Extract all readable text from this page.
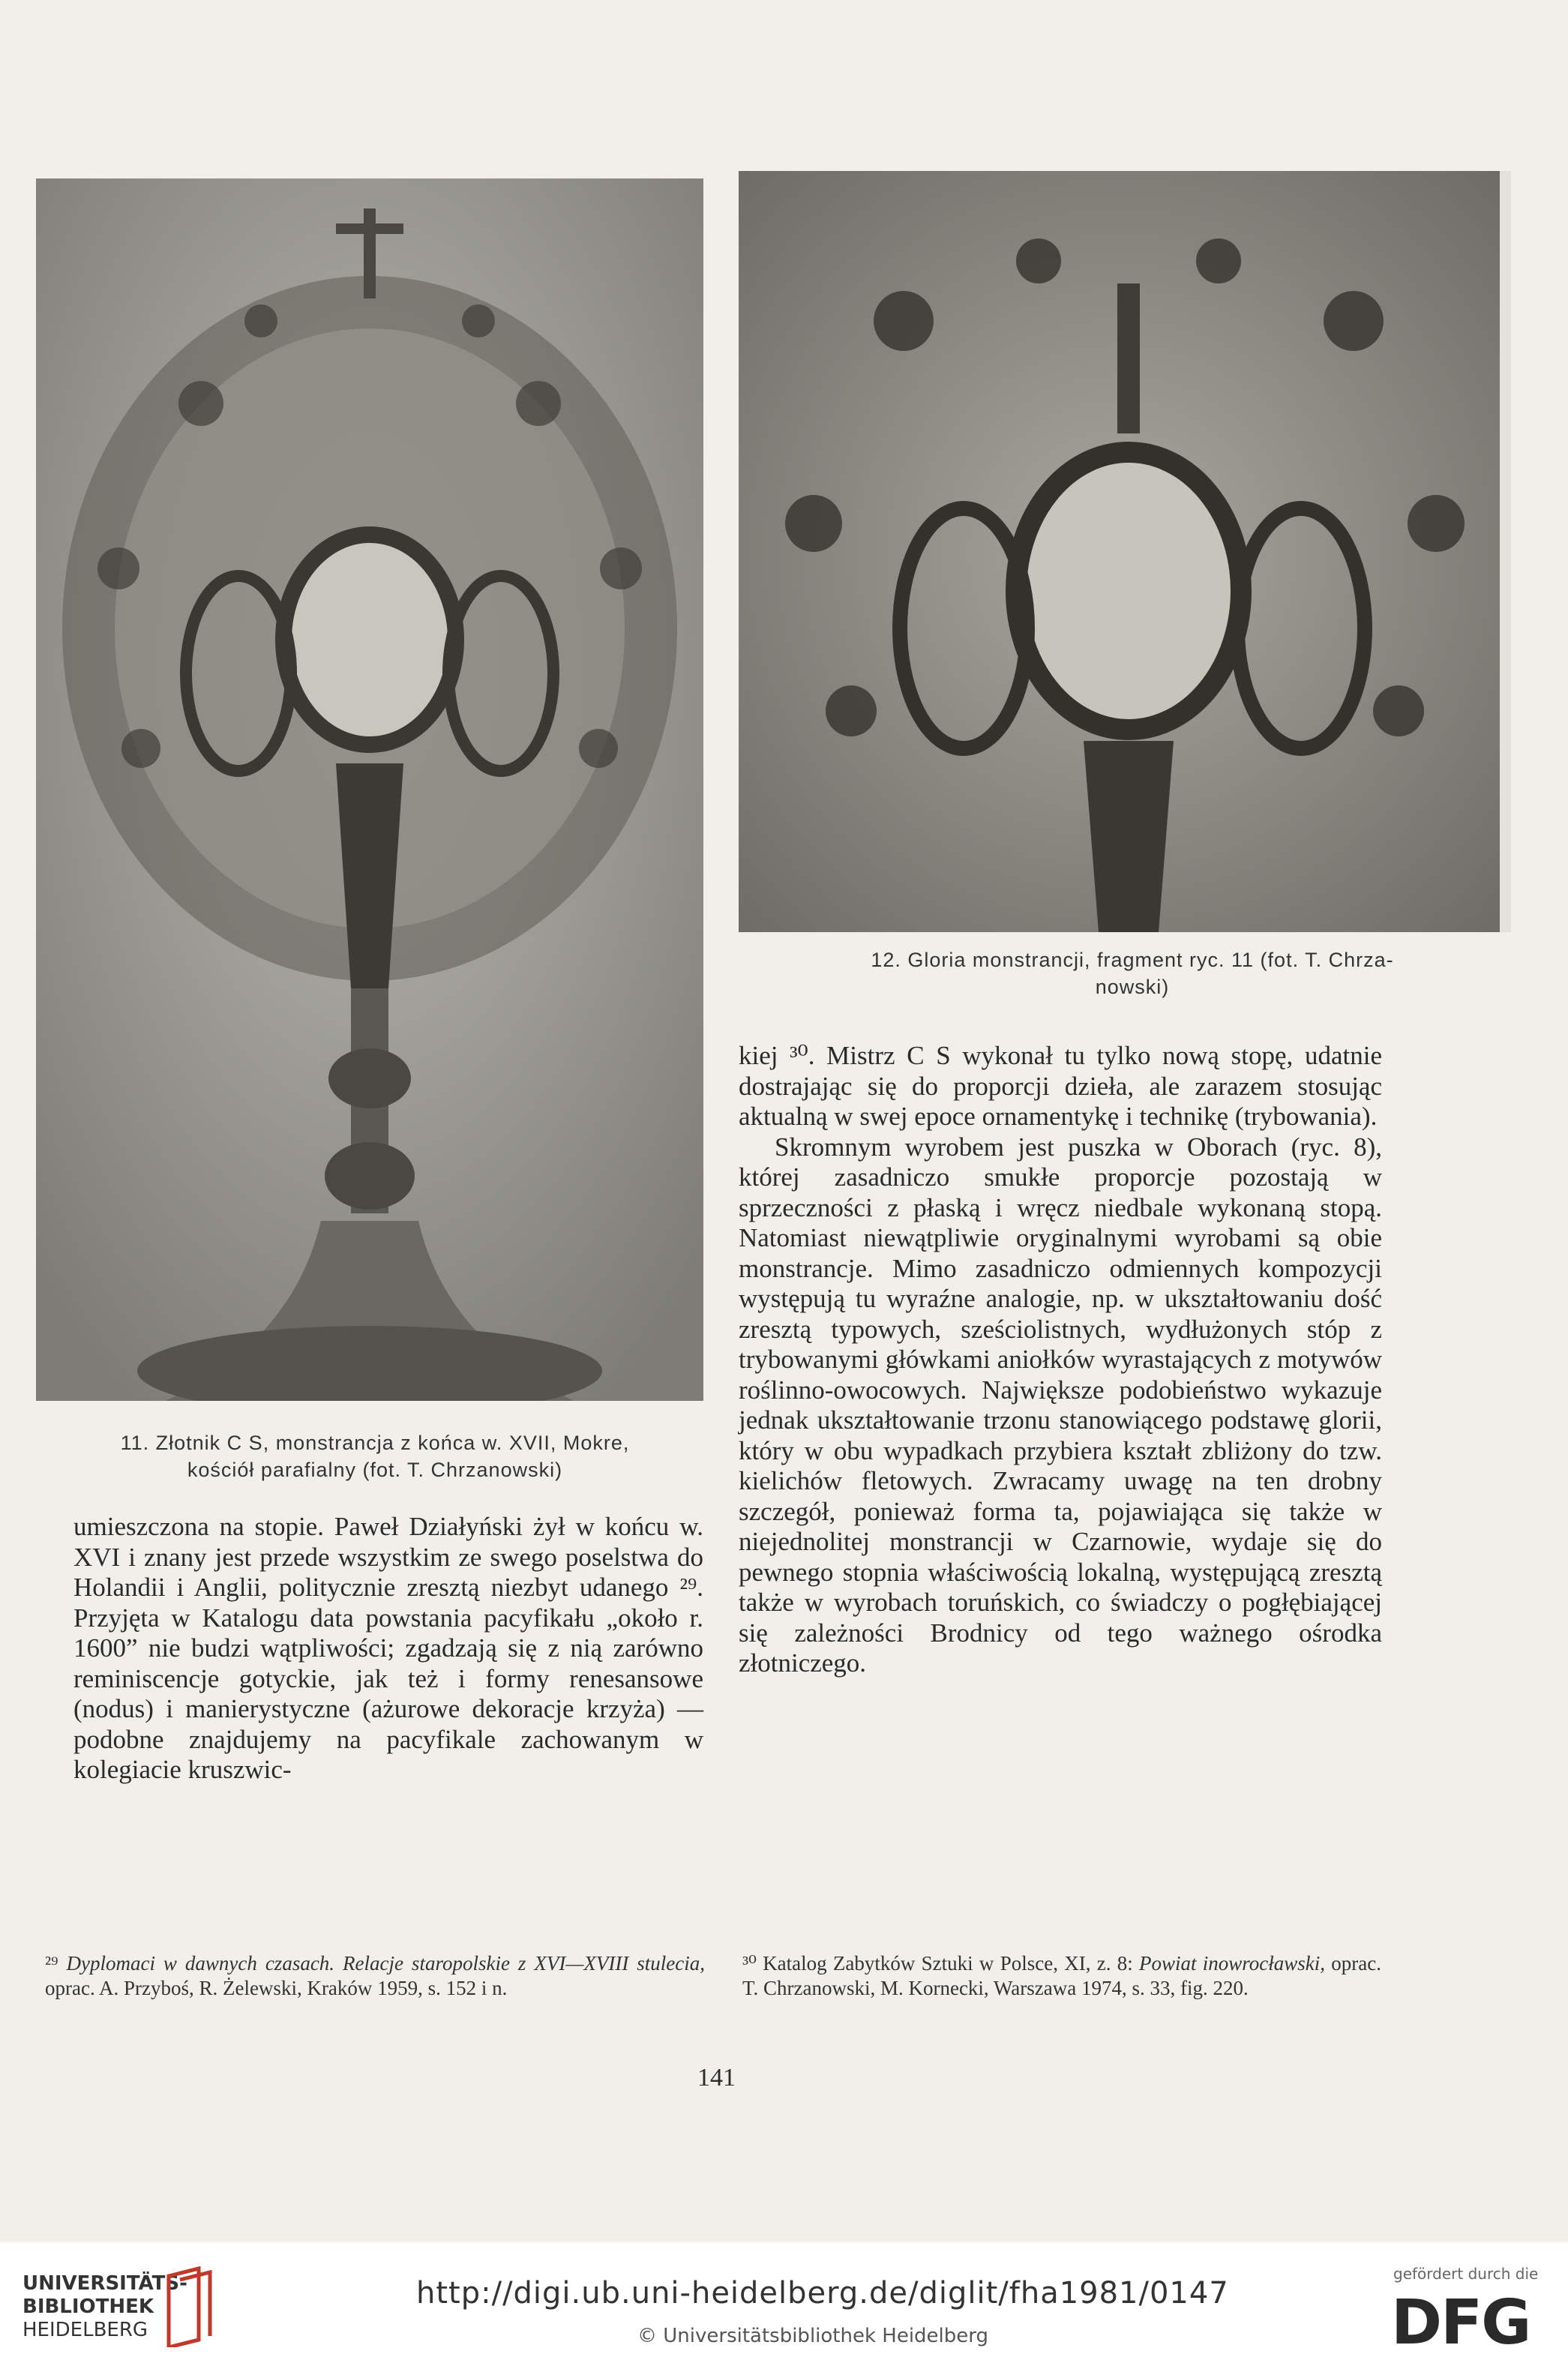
11. Złotnik C S, monstrancja z końca w. XVII, Mokre,
kościół parafialny (fot. T. Chrzanowski)
12. Gloria monstrancji, fragment ryc. 11 (fot. T. Chrza-
nowski)

umieszczona na stopie. Paweł Działyński żył w końcu w. XVI i znany jest przede wszystkim ze swego poselstwa do Holandii i Anglii, politycznie zresztą niezbyt udanego ²⁹. Przyjęta w Katalogu data powstania pacyfikału „około r. 1600” nie budzi wątpliwości; zgadzają się z nią zarówno reminiscencje gotyckie, jak też i formy renesansowe (nodus) i manierystyczne (ażurowe dekoracje krzyża) — podobne znajdujemy na pacyfikale zachowanym w kolegiacie kruszwic-

kiej ³⁰. Mistrz C S wykonał tu tylko nową stopę, udatnie dostrajając się do proporcji dzieła, ale zarazem stosując aktualną w swej epoce ornamentykę i technikę (trybowania).

Skromnym wyrobem jest puszka w Oborach (ryc. 8), której zasadniczo smukłe proporcje pozostają w sprzeczności z płaską i wręcz niedbale wykonaną stopą. Natomiast niewątpliwie oryginalnymi wyrobami są obie monstrancje. Mimo zasadniczo odmiennych kompozycji występują tu wyraźne analogie, np. w ukształtowaniu dość zresztą typowych, sześciolistnych, wydłużonych stóp z trybowanymi główkami aniołków wyrastających z motywów roślinno-owocowych. Największe podobieństwo wykazuje jednak ukształtowanie trzonu stanowiącego podstawę glorii, który w obu wypadkach przybiera kształt zbliżony do tzw. kielichów fletowych. Zwracamy uwagę na ten drobny szczegół, ponieważ forma ta, pojawiająca się także w niejednolitej monstrancji w Czarnowie, wydaje się do pewnego stopnia właściwością lokalną, występującą zresztą także w wyrobach toruńskich, co świadczy o pogłębiającej się zależności Brodnicy od tego ważnego ośrodka złotniczego.

²⁹ Dyplomaci w dawnych czasach. Relacje staropolskie z XVI—XVIII stulecia, oprac. A. Przyboś, R. Żelewski, Kraków 1959, s. 152 i n.
³⁰ Katalog Zabytków Sztuki w Polsce, XI, z. 8: Powiat inowrocławski, oprac. T. Chrzanowski, M. Kornecki, Warszawa 1974, s. 33, fig. 220.
141
UNIVERSITÄTS-
BIBLIOTHEK
HEIDELBERG
http://digi.ub.uni-heidelberg.de/diglit/fha1981/0147
© Universitätsbibliothek Heidelberg
gefördert durch die
DFG
